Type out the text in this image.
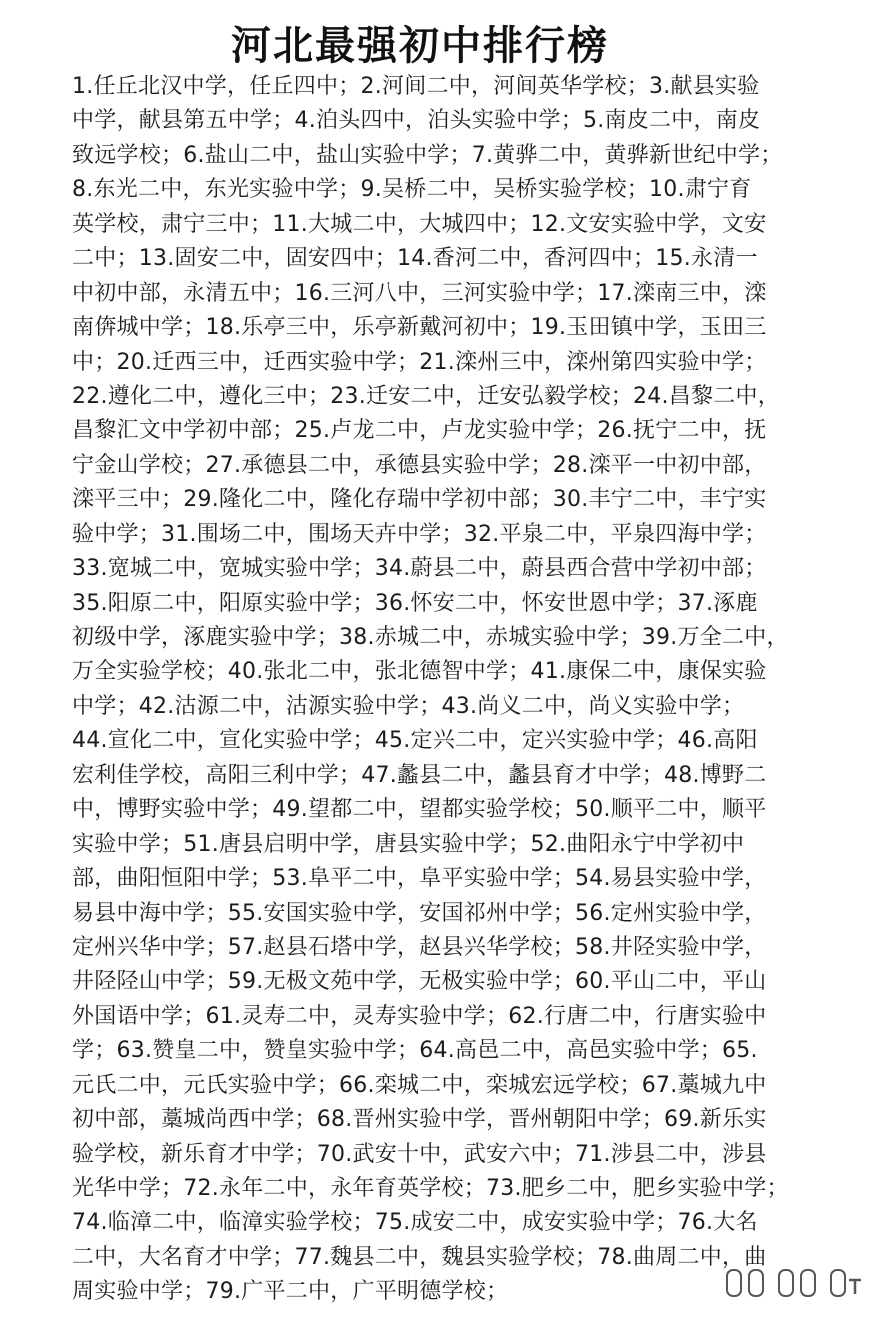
河北最强初中排行榜
1.任丘北汉中学，任丘四中；2.河间二中，河间英华学校；3.献县实验
中学，献县第五中学；4.泊头四中，泊头实验中学；5.南皮二中，南皮
致远学校；6.盐山二中，盐山实验中学；7.黄骅二中，黄骅新世纪中学；
8.东光二中，东光实验中学；9.吴桥二中，吴桥实验学校；10.肃宁育
英学校，肃宁三中；11.大城二中，大城四中；12.文安实验中学，文安
二中；13.固安二中，固安四中；14.香河二中，香河四中；15.永清一
中初中部，永清五中；16.三河八中，三河实验中学；17.滦南三中，滦
南倴城中学；18.乐亭三中，乐亭新戴河初中；19.玉田镇中学，玉田三
中；20.迁西三中，迁西实验中学；21.滦州三中，滦州第四实验中学；
22.遵化二中，遵化三中；23.迁安二中，迁安弘毅学校；24.昌黎二中，
昌黎汇文中学初中部；25.卢龙二中，卢龙实验中学；26.抚宁二中，抚
宁金山学校；27.承德县二中，承德县实验中学；28.滦平一中初中部，
滦平三中；29.隆化二中，隆化存瑞中学初中部；30.丰宁二中，丰宁实
验中学；31.围场二中，围场天卉中学；32.平泉二中，平泉四海中学；
33.宽城二中，宽城实验中学；34.蔚县二中，蔚县西合营中学初中部；
35.阳原二中，阳原实验中学；36.怀安二中，怀安世恩中学；37.涿鹿
初级中学，涿鹿实验中学；38.赤城二中，赤城实验中学；39.万全二中，
万全实验学校；40.张北二中，张北德智中学；41.康保二中，康保实验
中学；42.沽源二中，沽源实验中学；43.尚义二中，尚义实验中学；
44.宣化二中，宣化实验中学；45.定兴二中，定兴实验中学；46.高阳
宏利佳学校，高阳三利中学；47.蠡县二中，蠡县育才中学；48.博野二
中，博野实验中学；49.望都二中，望都实验学校；50.顺平二中，顺平
实验中学；51.唐县启明中学，唐县实验中学；52.曲阳永宁中学初中
部，曲阳恒阳中学；53.阜平二中，阜平实验中学；54.易县实验中学，
易县中海中学；55.安国实验中学，安国祁州中学；56.定州实验中学，
定州兴华中学；57.赵县石塔中学，赵县兴华学校；58.井陉实验中学，
井陉陉山中学；59.无极文苑中学，无极实验中学；60.平山二中，平山
外国语中学；61.灵寿二中，灵寿实验中学；62.行唐二中，行唐实验中
学；63.赞皇二中，赞皇实验中学；64.高邑二中，高邑实验中学；65.
元氏二中，元氏实验中学；66.栾城二中，栾城宏远学校；67.藁城九中
初中部，藁城尚西中学；68.晋州实验中学，晋州朝阳中学；69.新乐实
验学校，新乐育才中学；70.武安十中，武安六中；71.涉县二中，涉县
光华中学；72.永年二中，永年育英学校；73.肥乡二中，肥乡实验中学；
74.临漳二中，临漳实验学校；75.成安二中，成安实验中学；76.大名
二中，大名育才中学；77.魏县二中，魏县实验学校；78.曲周二中，曲
周实验中学；79.广平二中，广平明德学校；
